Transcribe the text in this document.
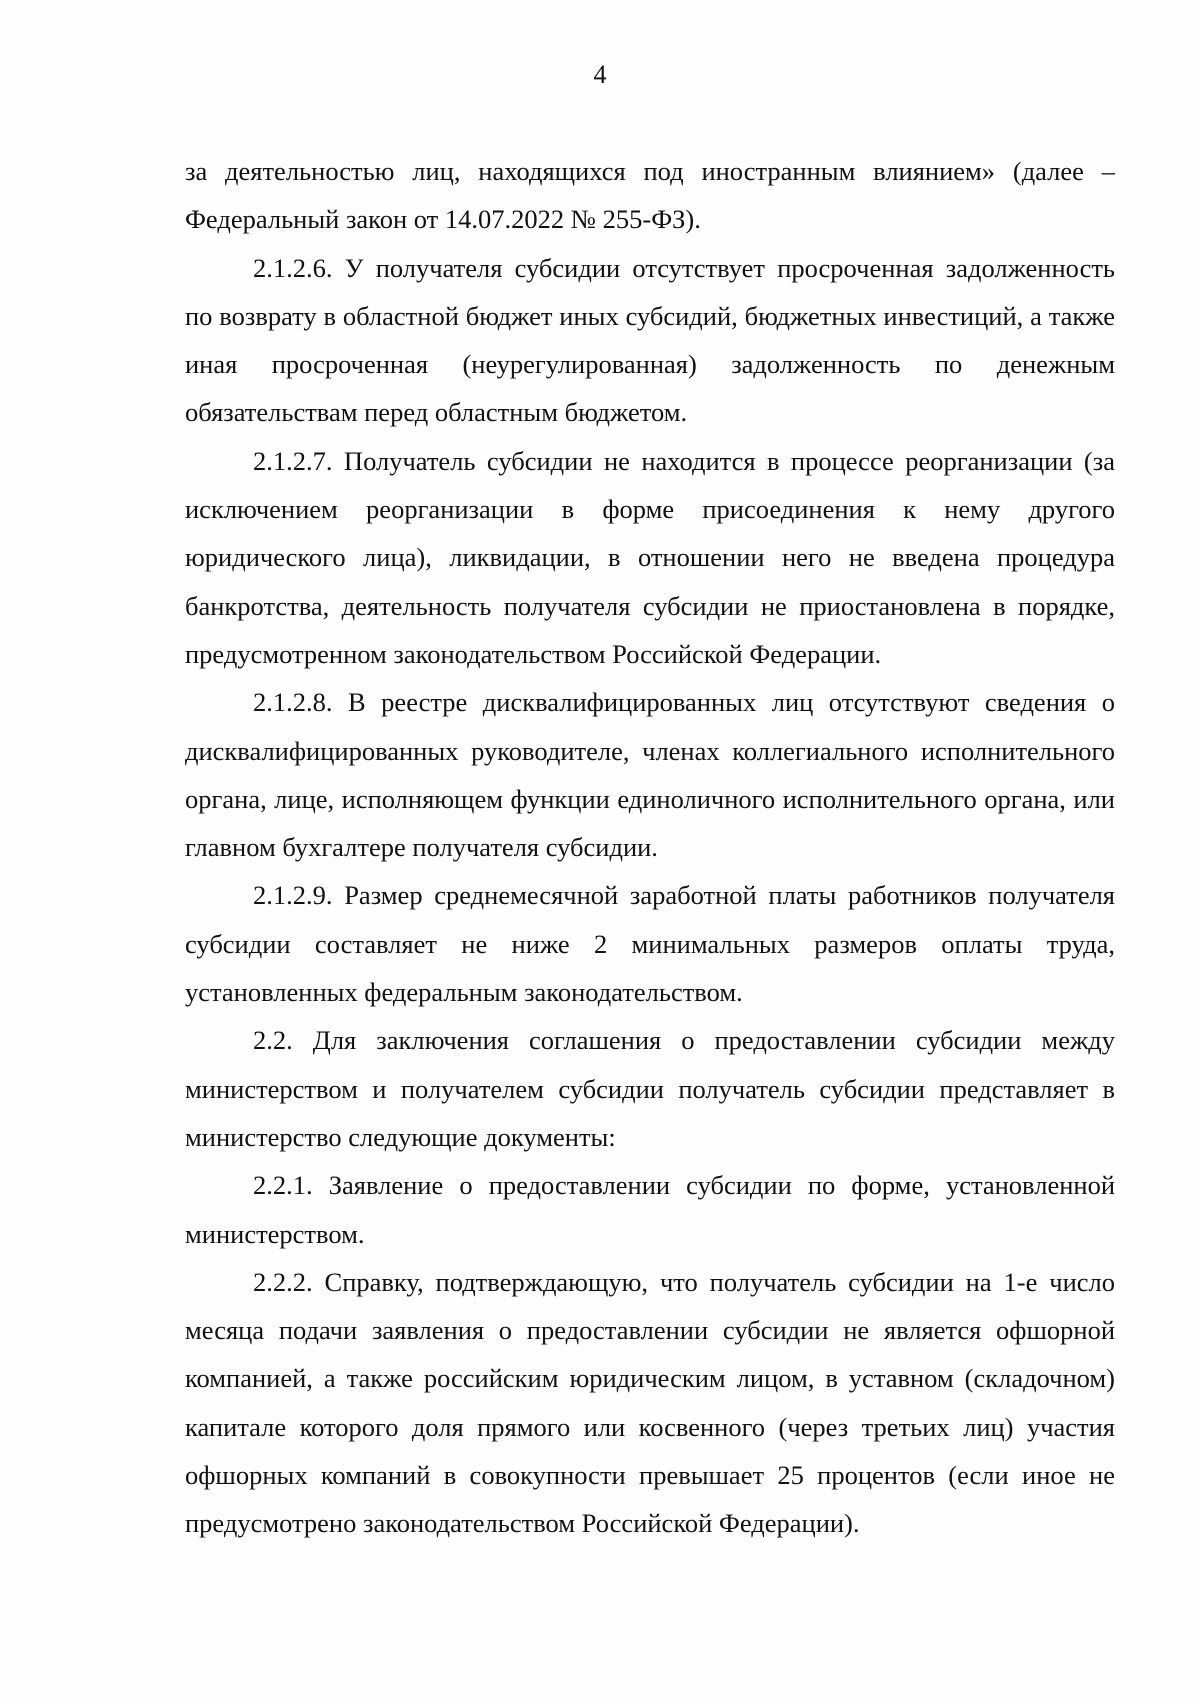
4

за деятельностью лиц, находящихся под иностранным влиянием» (далее – Федеральный закон от 14.07.2022 № 255-ФЗ).

2.1.2.6. У получателя субсидии отсутствует просроченная задолженность по возврату в областной бюджет иных субсидий, бюджетных инвестиций, а также иная просроченная (неурегулированная) задолженность по денежным обязательствам перед областным бюджетом.

2.1.2.7. Получатель субсидии не находится в процессе реорганизации (за исключением реорганизации в форме присоединения к нему другого юридического лица), ликвидации, в отношении него не введена процедура банкротства, деятельность получателя субсидии не приостановлена в порядке, предусмотренном законодательством Российской Федерации.

2.1.2.8. В реестре дисквалифицированных лиц отсутствуют сведения о дисквалифицированных руководителе, членах коллегиального исполнительного органа, лице, исполняющем функции единоличного исполнительного органа, или главном бухгалтере получателя субсидии.

2.1.2.9. Размер среднемесячной заработной платы работников получателя субсидии составляет не ниже 2 минимальных размеров оплаты труда, установленных федеральным законодательством.

2.2. Для заключения соглашения о предоставлении субсидии между министерством и получателем субсидии получатель субсидии представляет в министерство следующие документы:

2.2.1. Заявление о предоставлении субсидии по форме, установленной министерством.

2.2.2. Справку, подтверждающую, что получатель субсидии на 1-е число месяца подачи заявления о предоставлении субсидии не является офшорной компанией, а также российским юридическим лицом, в уставном (складочном) капитале которого доля прямого или косвенного (через третьих лиц) участия офшорных компаний в совокупности превышает 25 процентов (если иное не предусмотрено законодательством Российской Федерации).
